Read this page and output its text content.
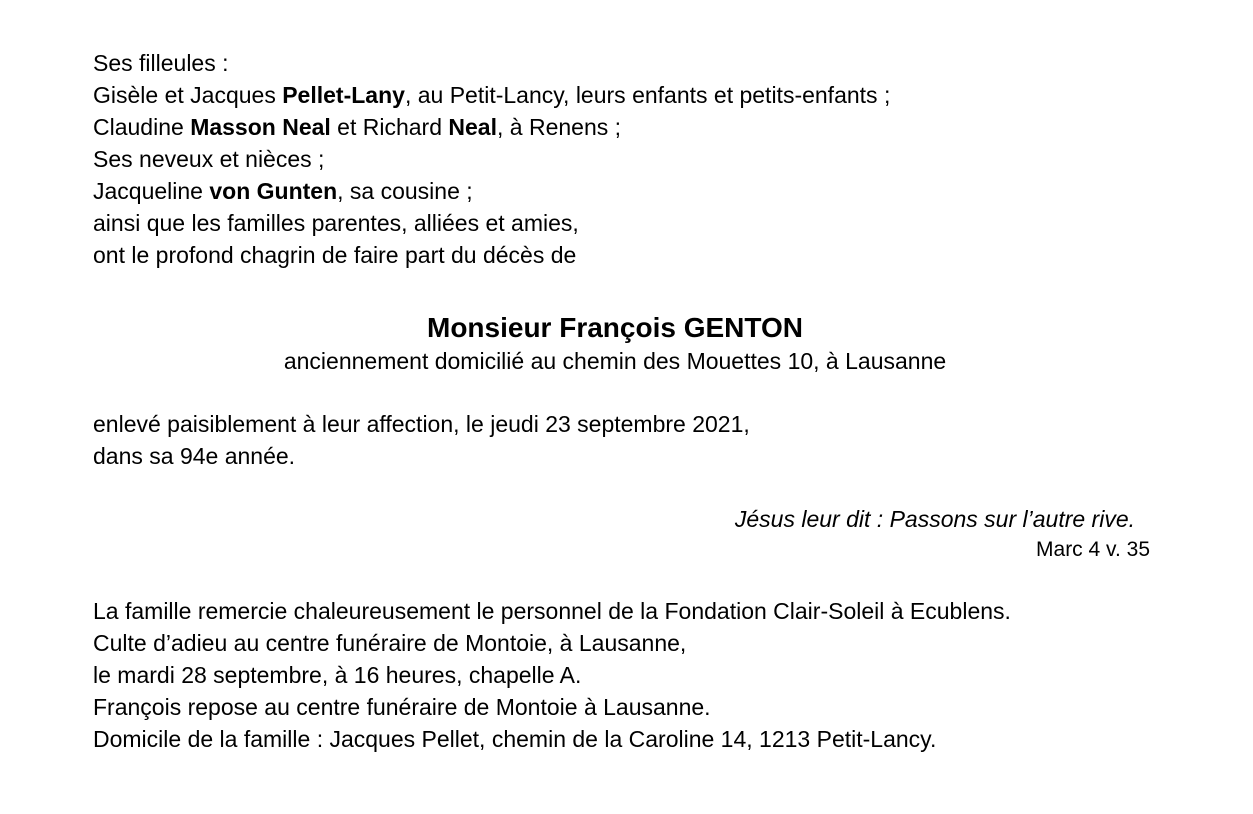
Ses filleules :

Gisèle et Jacques Pellet-Lany, au Petit-Lancy, leurs enfants et petits-enfants ;

Claudine Masson Neal et Richard Neal, à Renens ;

Ses neveux et nièces ;

Jacqueline von Gunten, sa cousine ;

ainsi que les familles parentes, alliées et amies,

ont le profond chagrin de faire part du décès de

Monsieur François GENTON

anciennement domicilié au chemin des Mouettes 10, à Lausanne

enlevé paisiblement à leur affection, le jeudi 23 septembre 2021,

dans sa 94e année.

Jésus leur dit : Passons sur l’autre rive.

Marc 4 v. 35

La famille remercie chaleureusement le personnel de la Fondation Clair-Soleil à Ecublens.

Culte d’adieu au centre funéraire de Montoie, à Lausanne,

le mardi 28 septembre, à 16 heures, chapelle A.

François repose au centre funéraire de Montoie à Lausanne.

Domicile de la famille : Jacques Pellet, chemin de la Caroline 14, 1213 Petit-Lancy.
